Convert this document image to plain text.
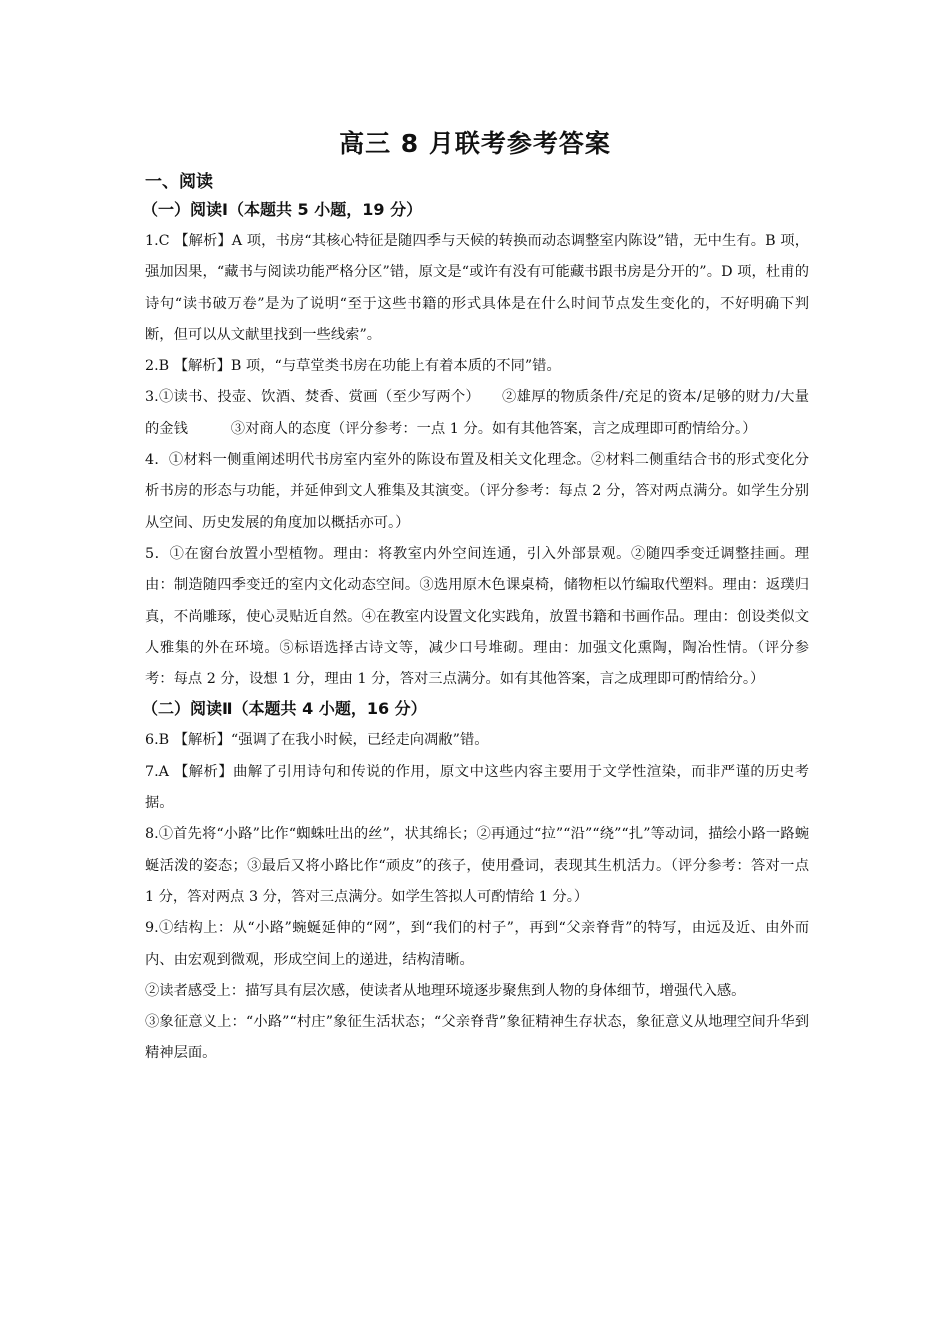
高三 8 月联考参考答案
一、阅读
（一）阅读Ⅰ（本题共 5 小题，19 分）

1.C 【解析】A 项，书房“其核心特征是随四季与天候的转换而动态调整室内陈设”错，无中生有。B 项，强加因果，“藏书与阅读功能严格分区”错，原文是“或许有没有可能藏书跟书房是分开的”。D 项，杜甫的诗句“读书破万卷”是为了说明“至于这些书籍的形式具体是在什么时间节点发生变化的，不好明确下判断，但可以从文献里找到一些线索”。

2.B 【解析】B 项，“与草堂类书房在功能上有着本质的不同”错。

3.①读书、投壶、饮酒、焚香、赏画（至少写两个）　　②雄厚的物质条件/充足的资本/足够的财力/大量的金钱　　　③对商人的态度（评分参考：一点 1 分。如有其他答案，言之成理即可酌情给分。）

4．①材料一侧重阐述明代书房室内室外的陈设布置及相关文化理念。②材料二侧重结合书的形式变化分析书房的形态与功能，并延伸到文人雅集及其演变。（评分参考：每点 2 分，答对两点满分。如学生分别从空间、历史发展的角度加以概括亦可。）

5．①在窗台放置小型植物。理由：将教室内外空间连通，引入外部景观。②随四季变迁调整挂画。理由：制造随四季变迁的室内文化动态空间。③选用原木色课桌椅，储物柜以竹编取代塑料。理由：返璞归真，不尚雕琢，使心灵贴近自然。④在教室内设置文化实践角，放置书籍和书画作品。理由：创设类似文人雅集的外在环境。⑤标语选择古诗文等，减少口号堆砌。理由：加强文化熏陶，陶冶性情。（评分参考：每点 2 分，设想 1 分，理由 1 分，答对三点满分。如有其他答案，言之成理即可酌情给分。）

（二）阅读Ⅱ（本题共 4 小题，16 分）

6.B 【解析】“强调了在我小时候，已经走向凋敝”错。

7.A 【解析】曲解了引用诗句和传说的作用，原文中这些内容主要用于文学性渲染，而非严谨的历史考据。

8.①首先将“小路”比作“蜘蛛吐出的丝”，状其绵长；②再通过“拉”“沿”“绕”“扎”等动词，描绘小路一路蜿蜒活泼的姿态；③最后又将小路比作“顽皮”的孩子，使用叠词，表现其生机活力。（评分参考：答对一点 1 分，答对两点 3 分，答对三点满分。如学生答拟人可酌情给 1 分。）

9.①结构上：从“小路”蜿蜒延伸的“网”，到“我们的村子”，再到“父亲脊背”的特写，由远及近、由外而内、由宏观到微观，形成空间上的递进，结构清晰。

②读者感受上：描写具有层次感，使读者从地理环境逐步聚焦到人物的身体细节，增强代入感。

③象征意义上：“小路”“村庄”象征生活状态；“父亲脊背”象征精神生存状态，象征意义从地理空间升华到精神层面。
